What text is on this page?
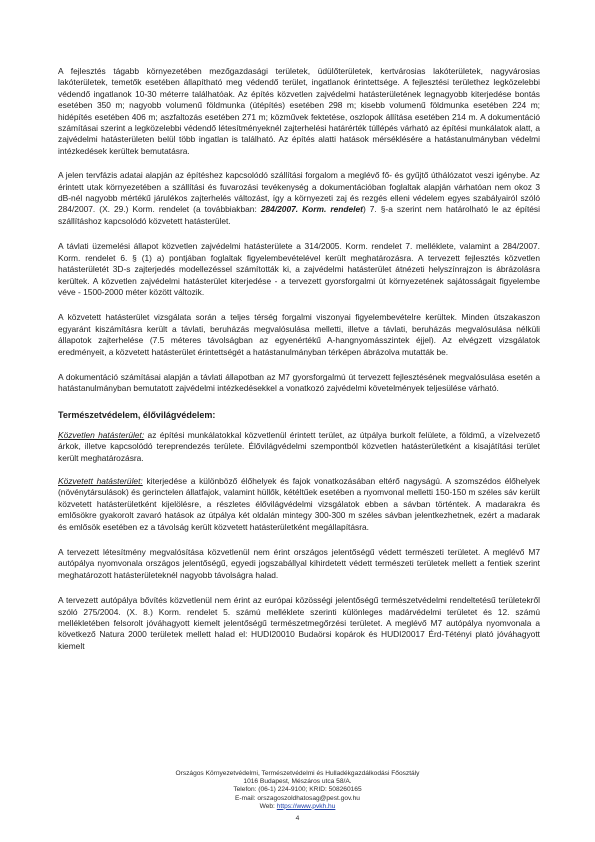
A fejlesztés tágabb környezetében mezőgazdasági területek, üdülőterületek, kertvárosias lakóterületek, nagyvárosias lakóterületek, temetők esetében állapítható meg védendő terület, ingatlanok érintettsége. A fejlesztési területhez legközelebbi védendő ingatlanok 10-30 méterre találhatóak. Az építés közvetlen zajvédelmi hatásterületének legnagyobb kiterjedése bontás esetében 350 m; nagyobb volumenű földmunka (útépítés) esetében 298 m; kisebb volumenű földmunka esetében 224 m; hidépítés esetében 406 m; aszfaltozás esetében 271 m; közművek fektetése, oszlopok állítása esetében 214 m. A dokumentáció számításai szerint a legközelebbi védendő létesítményeknél zajterhelési határérték túllépés várható az építési munkálatok alatt, a zajvédelmi hatásterületen belül több ingatlan is található. Az építés alatti hatások mérséklésére a hatástanulmányban védelmi intézkedések kerültek bemutatásra.

A jelen tervfázis adatai alapján az építéshez kapcsolódó szállítási forgalom a meglévő fő- és gyűjtő úthálózatot veszi igénybe. Az érintett utak környezetében a szállítási és fuvarozási tevékenység a dokumentációban foglaltak alapján várhatóan nem okoz 3 dB-nél nagyobb mértékű járulékos zajterhelés változást, így a környezeti zaj és rezgés elleni védelem egyes szabályairól szóló 284/2007. (X. 29.) Korm. rendelet (a továbbiakban: 284/2007. Korm. rendelet) 7. §-a szerint nem határolható le az építési szállításhoz kapcsolódó közvetett hatásterület.

A távlati üzemelési állapot közvetlen zajvédelmi hatásterülete a 314/2005. Korm. rendelet 7. melléklete, valamint a 284/2007. Korm. rendelet 6. § (1) a) pontjában foglaltak figyelembevételével került meghatározásra. A tervezett fejlesztés közvetlen hatásterületét 3D-s zajterjedés modellezéssel számították ki, a zajvédelmi hatásterület átnézeti helyszínrajzon is ábrázolásra kerültek. A közvetlen zajvédelmi hatásterület kiterjedése - a tervezett gyorsforgalmi út környezetének sajátosságait figyelembe véve - 1500-2000 méter között változik.

A közvetett hatásterület vizsgálata során a teljes térség forgalmi viszonyai figyelembevételre kerültek. Minden útszakaszon egyaránt kiszámításra került a távlati, beruházás megvalósulása melletti, illetve a távlati, beruházás megvalósulása nélküli állapotok zajterhelése (7.5 méteres távolságban az egyenértékű A-hangnyomásszintek éjjel). Az elvégzett vizsgálatok eredményeit, a közvetett hatásterület érintettségét a hatástanulmányban térképen ábrázolva mutatták be.

A dokumentáció számításai alapján a távlati állapotban az M7 gyorsforgalmú út tervezett fejlesztésének megvalósulása esetén a hatástanulmányban bemutatott zajvédelmi intézkedésekkel a vonatkozó zajvédelmi követelmények teljesülése várható.

Természetvédelem, élővilágvédelem:

Közvetlen hatásterület: az építési munkálatokkal közvetlenül érintett terület, az útpálya burkolt felülete, a földmű, a vízelvezető árkok, illetve kapcsolódó tereprendezés területe. Élővilágvédelmi szempontból közvetlen hatásterületként a kisajátítási terület került meghatározásra.

Közvetett hatásterület: kiterjedése a különböző élőhelyek és fajok vonatkozásában eltérő nagyságú. A szomszédos élőhelyek (növénytársulások) és gerinctelen állatfajok, valamint hüllők, kétéltűek esetében a nyomvonal melletti 150-150 m széles sáv került közvetett hatásterületként kijelölésre, a részletes élővilágvédelmi vizsgálatok ebben a sávban történtek. A madarakra és emlősökre gyakorolt zavaró hatások az útpálya két oldalán mintegy 300-300 m széles sávban jelentkezhetnek, ezért a madarak és emlősök esetében ez a távolság került közvetett hatásterületként megállapításra.

A tervezett létesítmény megvalósítása közvetlenül nem érint országos jelentőségű védett természeti területet. A meglévő M7 autópálya nyomvonala országos jelentőségű, egyedi jogszabállyal kihirdetett védett természeti területek mellett a fentiek szerint meghatározott hatásterületeknél nagyobb távolságra halad.

A tervezett autópálya bővítés közvetlenül nem érint az európai közösségi jelentőségű természetvédelmi rendeltetésű területekről szóló 275/2004. (X. 8.) Korm. rendelet 5. számú melléklete szerinti különleges madárvédelmi területet és 12. számú mellékletében felsorolt jóváhagyott kiemelt jelentőségű természetmegőrzési területet. A meglévő M7 autópálya nyomvonala a következő Natura 2000 területek mellett halad el: HUDI20010 Budaörsi kopárok és HUDI20017 Érd-Tétényi plató jóváhagyott kiemelt

Országos Környezetvédelmi, Természetvédelmi és Hulladékgazdálkodási Főosztály
1016 Budapest, Mészáros utca 58/A.
Telefon: (06-1) 224-9100; KRID: 508260165
E-mail: orszagoszoldhatosag@pest.gov.hu
Web: https://www.pvkh.hu
4
